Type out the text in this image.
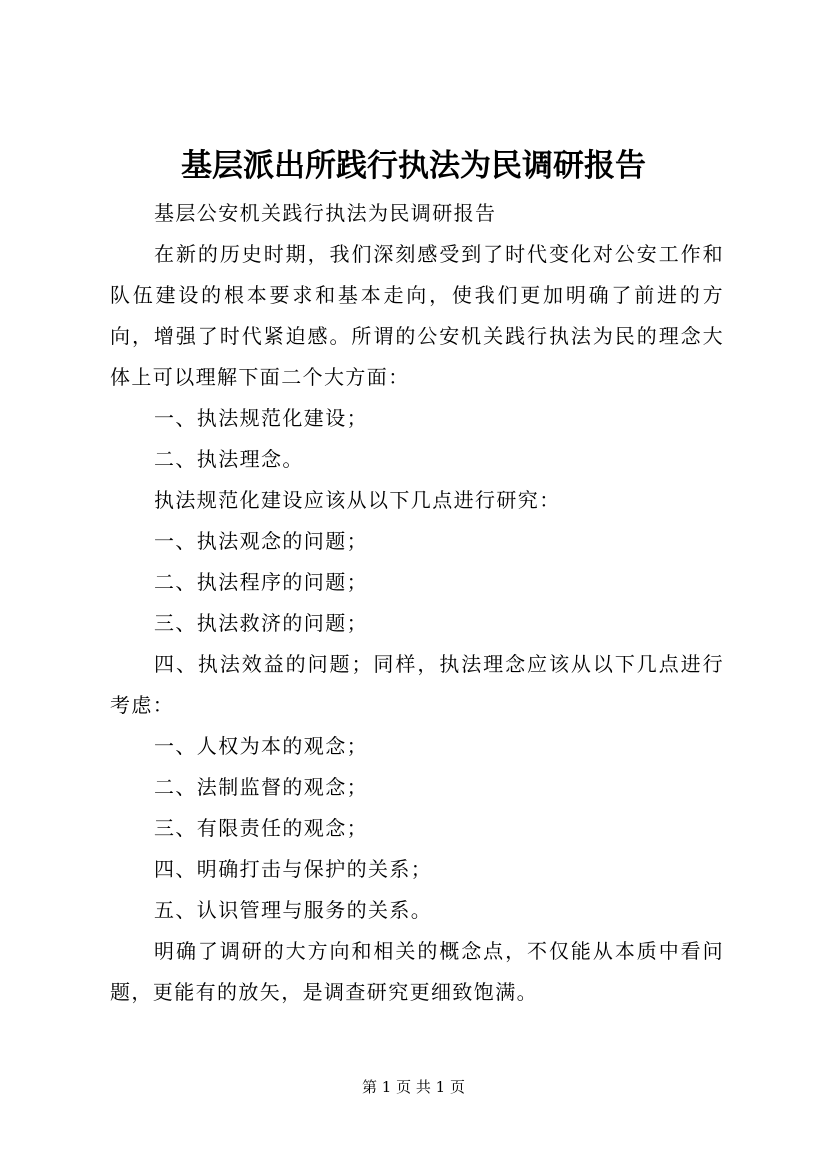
基层派出所践行执法为民调研报告

基层公安机关践行执法为民调研报告

在新的历史时期，我们深刻感受到了时代变化对公安工作和队伍建设的根本要求和基本走向，使我们更加明确了前进的方向，增强了时代紧迫感。所谓的公安机关践行执法为民的理念大体上可以理解下面二个大方面：

一、执法规范化建设；

二、执法理念。

执法规范化建设应该从以下几点进行研究：

一、执法观念的问题；

二、执法程序的问题；

三、执法救济的问题；

四、执法效益的问题；同样，执法理念应该从以下几点进行考虑：

一、人权为本的观念；

二、法制监督的观念；

三、有限责任的观念；

四、明确打击与保护的关系；

五、认识管理与服务的关系。

明确了调研的大方向和相关的概念点，不仅能从本质中看问题，更能有的放矢，是调查研究更细致饱满。

第 1 页 共 1 页
